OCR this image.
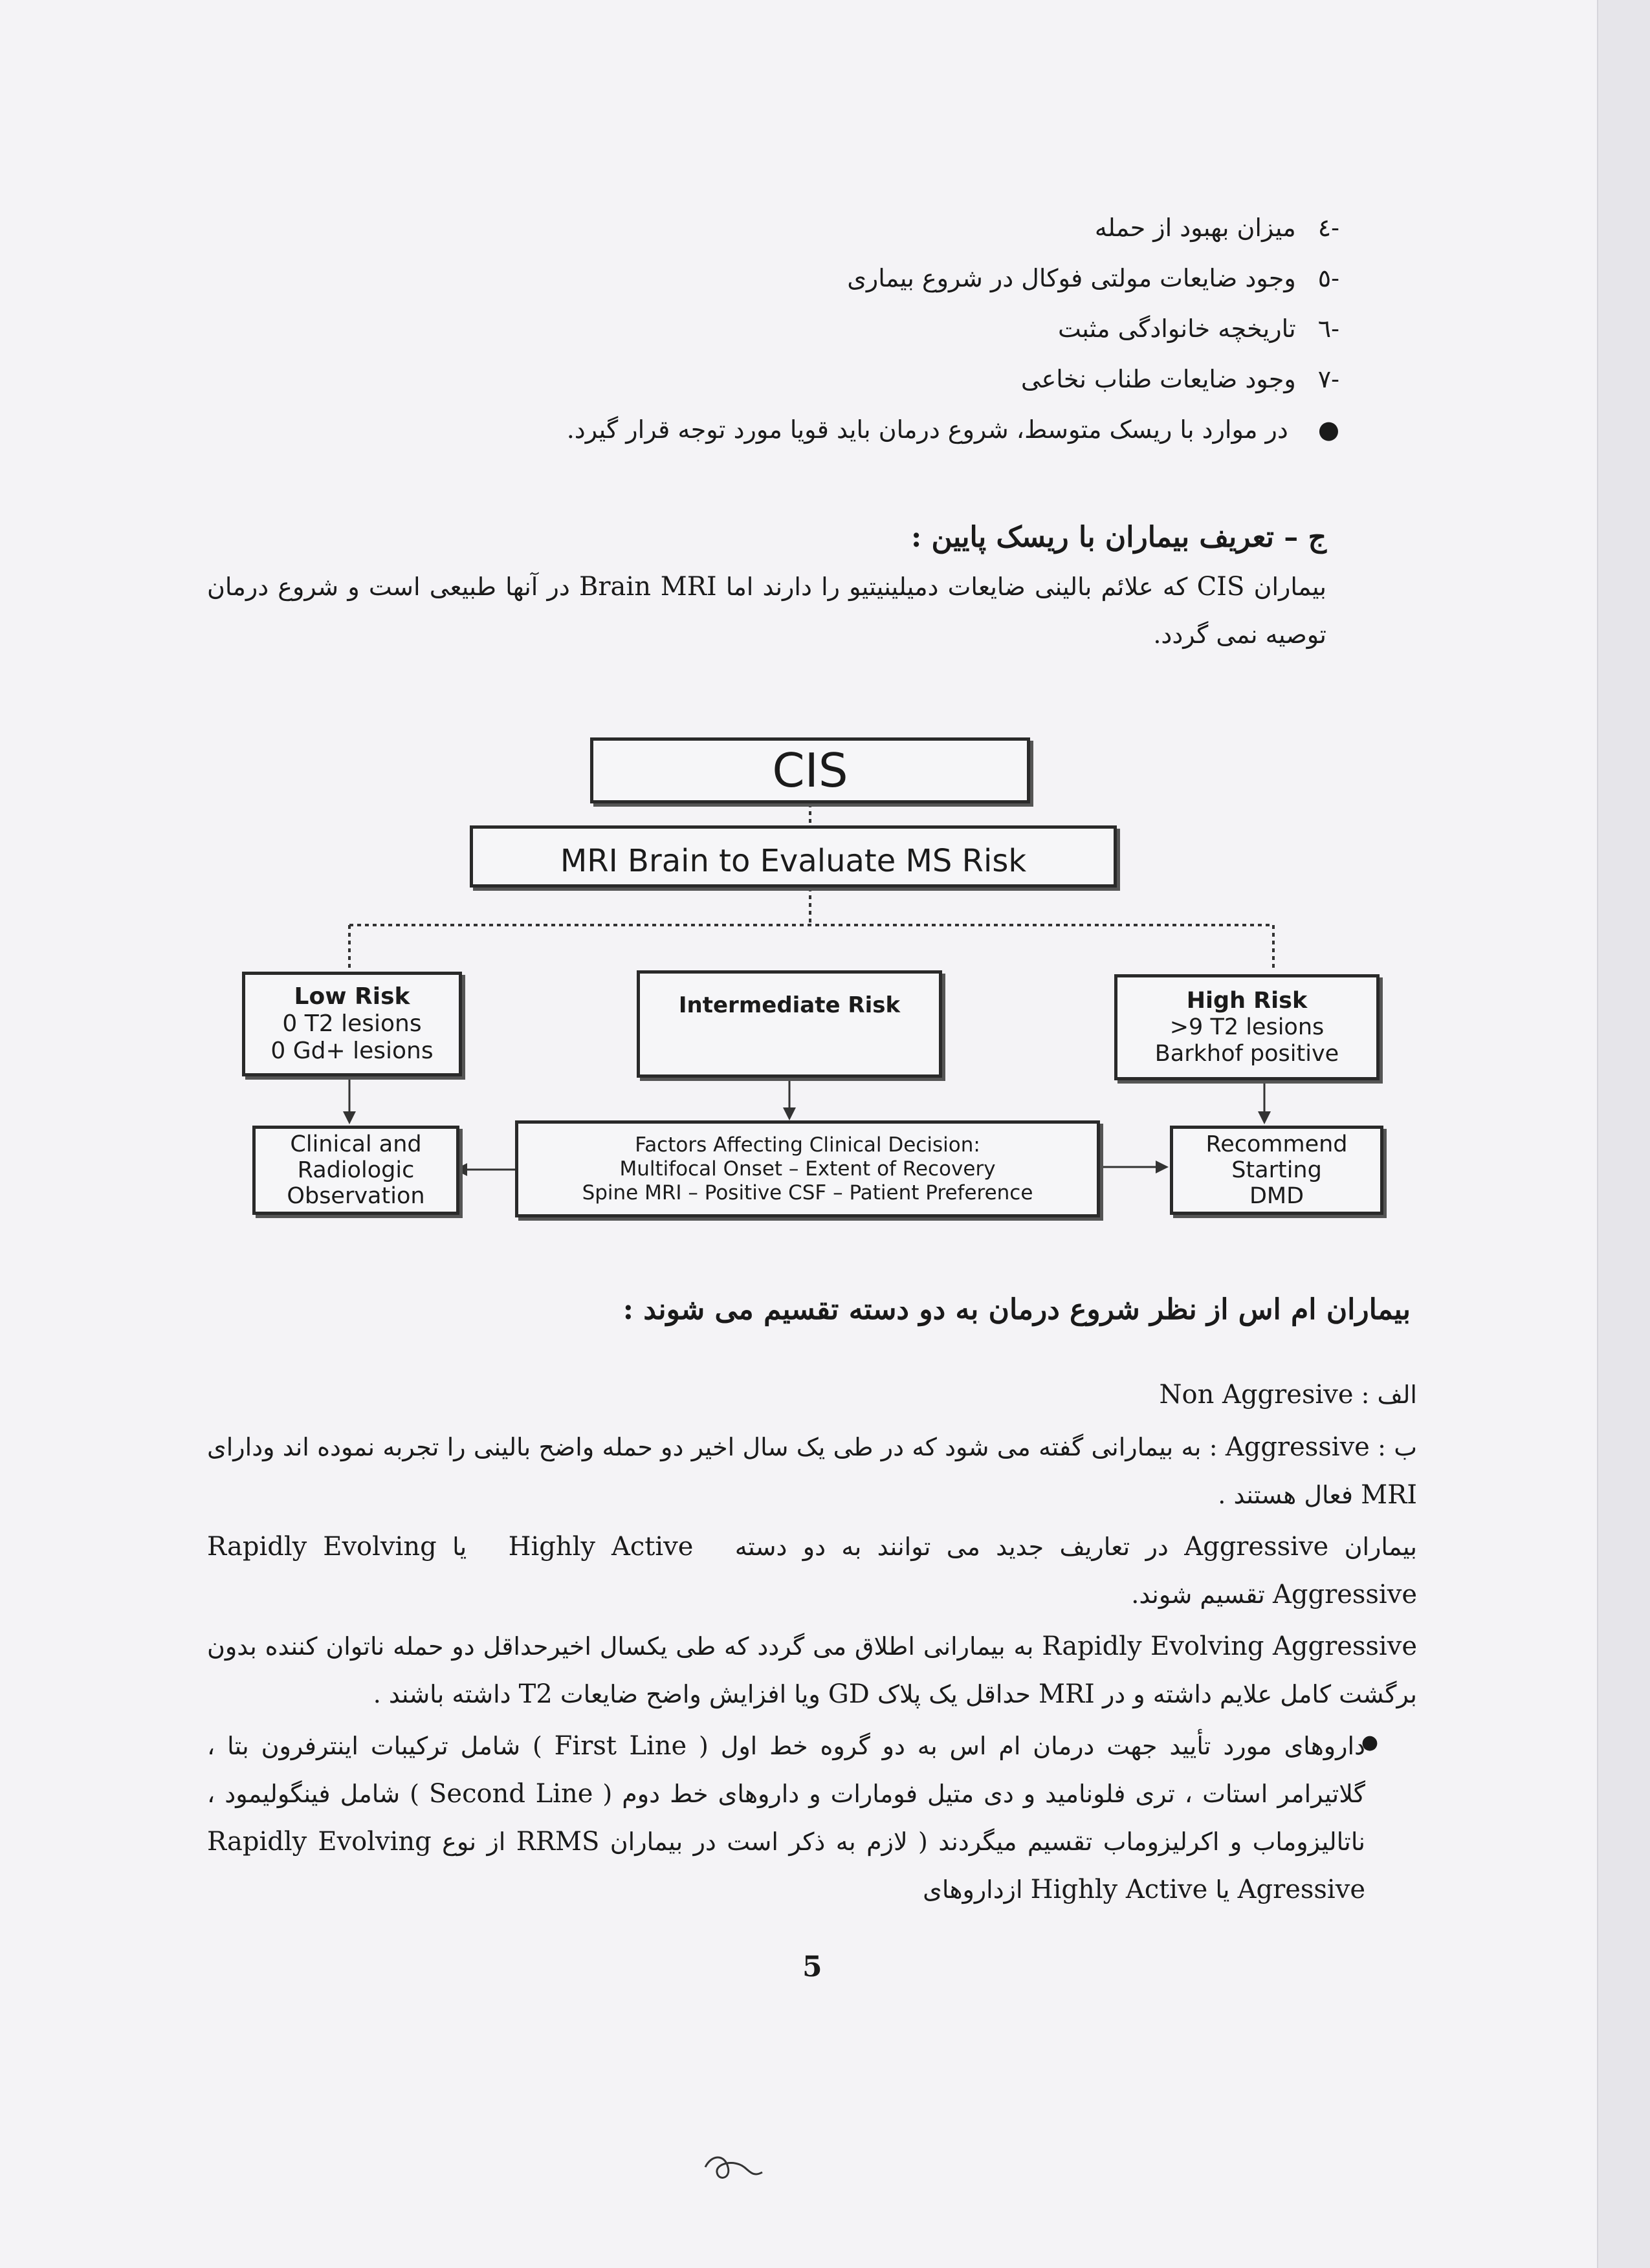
-٤میزان بهبود از حمله
-٥وجود ضایعات مولتی فوکال در شروع بیماری
-٦تاریخچه خانوادگی مثبت
-٧وجود ضایعات طناب نخاعی
●در موارد با ریسک متوسط، شروع درمان باید قویا مورد توجه قرار گیرد.
ج – تعریف بیماران با ریسک پایین :
بیماران CIS که علائم بالینی ضایعات دمیلینیتیو را دارند اما Brain MRI در آنها طبیعی است و شروع درمان توصیه نمی گردد.
CIS
MRI Brain to Evaluate MS Risk
Low Risk
0 T2 lesions
0 Gd+ lesions
Intermediate Risk	High Risk
>9 T2 lesions
Barkhof positive
Clinical and
Radiologic
Observation
Factors Affecting Clinical Decision:
Multifocal Onset – Extent of Recovery
Spine MRI – Positive CSF – Patient Preference
Recommend
Starting
DMD
بیماران ام اس از نظر شروع درمان به دو دسته تقسیم می شوند :
الف : Non Aggresive
ب : Aggressive : به بیمارانی گفته می شود که در طی یک سال اخیر دو حمله واضح بالینی را تجربه نموده اند ودارای MRI فعال هستند .
بیماران Aggressive در تعاریف جدید می توانند به دو دسته Highly Active یا Rapidly Evolving Aggressive تقسیم شوند.
Rapidly Evolving Aggressive به بیمارانی اطلاق می گردد که طی یکسال اخیرحداقل دو حمله ناتوان کننده بدون برگشت کامل علایم داشته و در MRI حداقل یک پلاک GD ویا افزایش واضح ضایعات T2 داشته باشند .
داروهای مورد تأیید جهت درمان ام اس به دو گروه خط اول ( First Line ) شامل ترکیبات اینترفرون بتا ، گلاتیرامر استات ، تری فلونامید و دی متیل فومارات و داروهای خط دوم ( Second Line ) شامل فینگولیمود ، ناتالیزوماب و اکرلیزوماب تقسیم میگردند ( لازم به ذکر است در بیماران RRMS از نوع Rapidly Evolving Agressive یا Highly Active ازداروهای
●
5
